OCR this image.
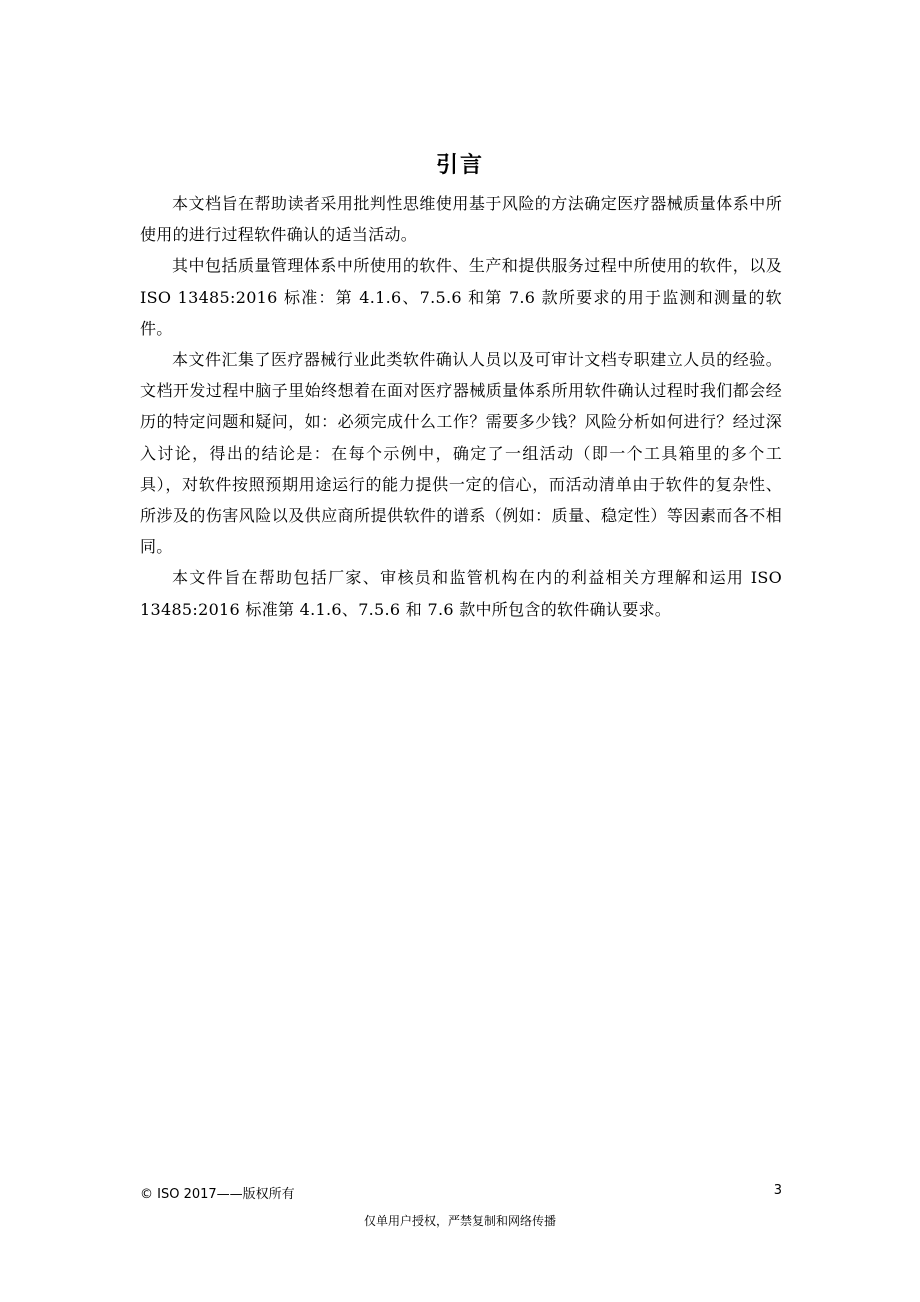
引言

本文档旨在帮助读者采用批判性思维使用基于风险的方法确定医疗器械质量体系中所使用的进行过程软件确认的适当活动。

其中包括质量管理体系中所使用的软件、生产和提供服务过程中所使用的软件，以及 ISO 13485:2016 标准：第 4.1.6、7.5.6 和第 7.6 款所要求的用于监测和测量的软件。

本文件汇集了医疗器械行业此类软件确认人员以及可审计文档专职建立人员的经验。文档开发过程中脑子里始终想着在面对医疗器械质量体系所用软件确认过程时我们都会经历的特定问题和疑问，如：必须完成什么工作？需要多少钱？风险分析如何进行？经过深入讨论，得出的结论是：在每个示例中，确定了一组活动（即一个工具箱里的多个工具），对软件按照预期用途运行的能力提供一定的信心，而活动清单由于软件的复杂性、所涉及的伤害风险以及供应商所提供软件的谱系（例如：质量、稳定性）等因素而各不相同。

本文件旨在帮助包括厂家、审核员和监管机构在内的利益相关方理解和运用 ISO 13485:2016 标准第 4.1.6、7.5.6 和 7.6 款中所包含的软件确认要求。

© ISO 2017——版权所有	3
仅单用户授权，严禁复制和网络传播
